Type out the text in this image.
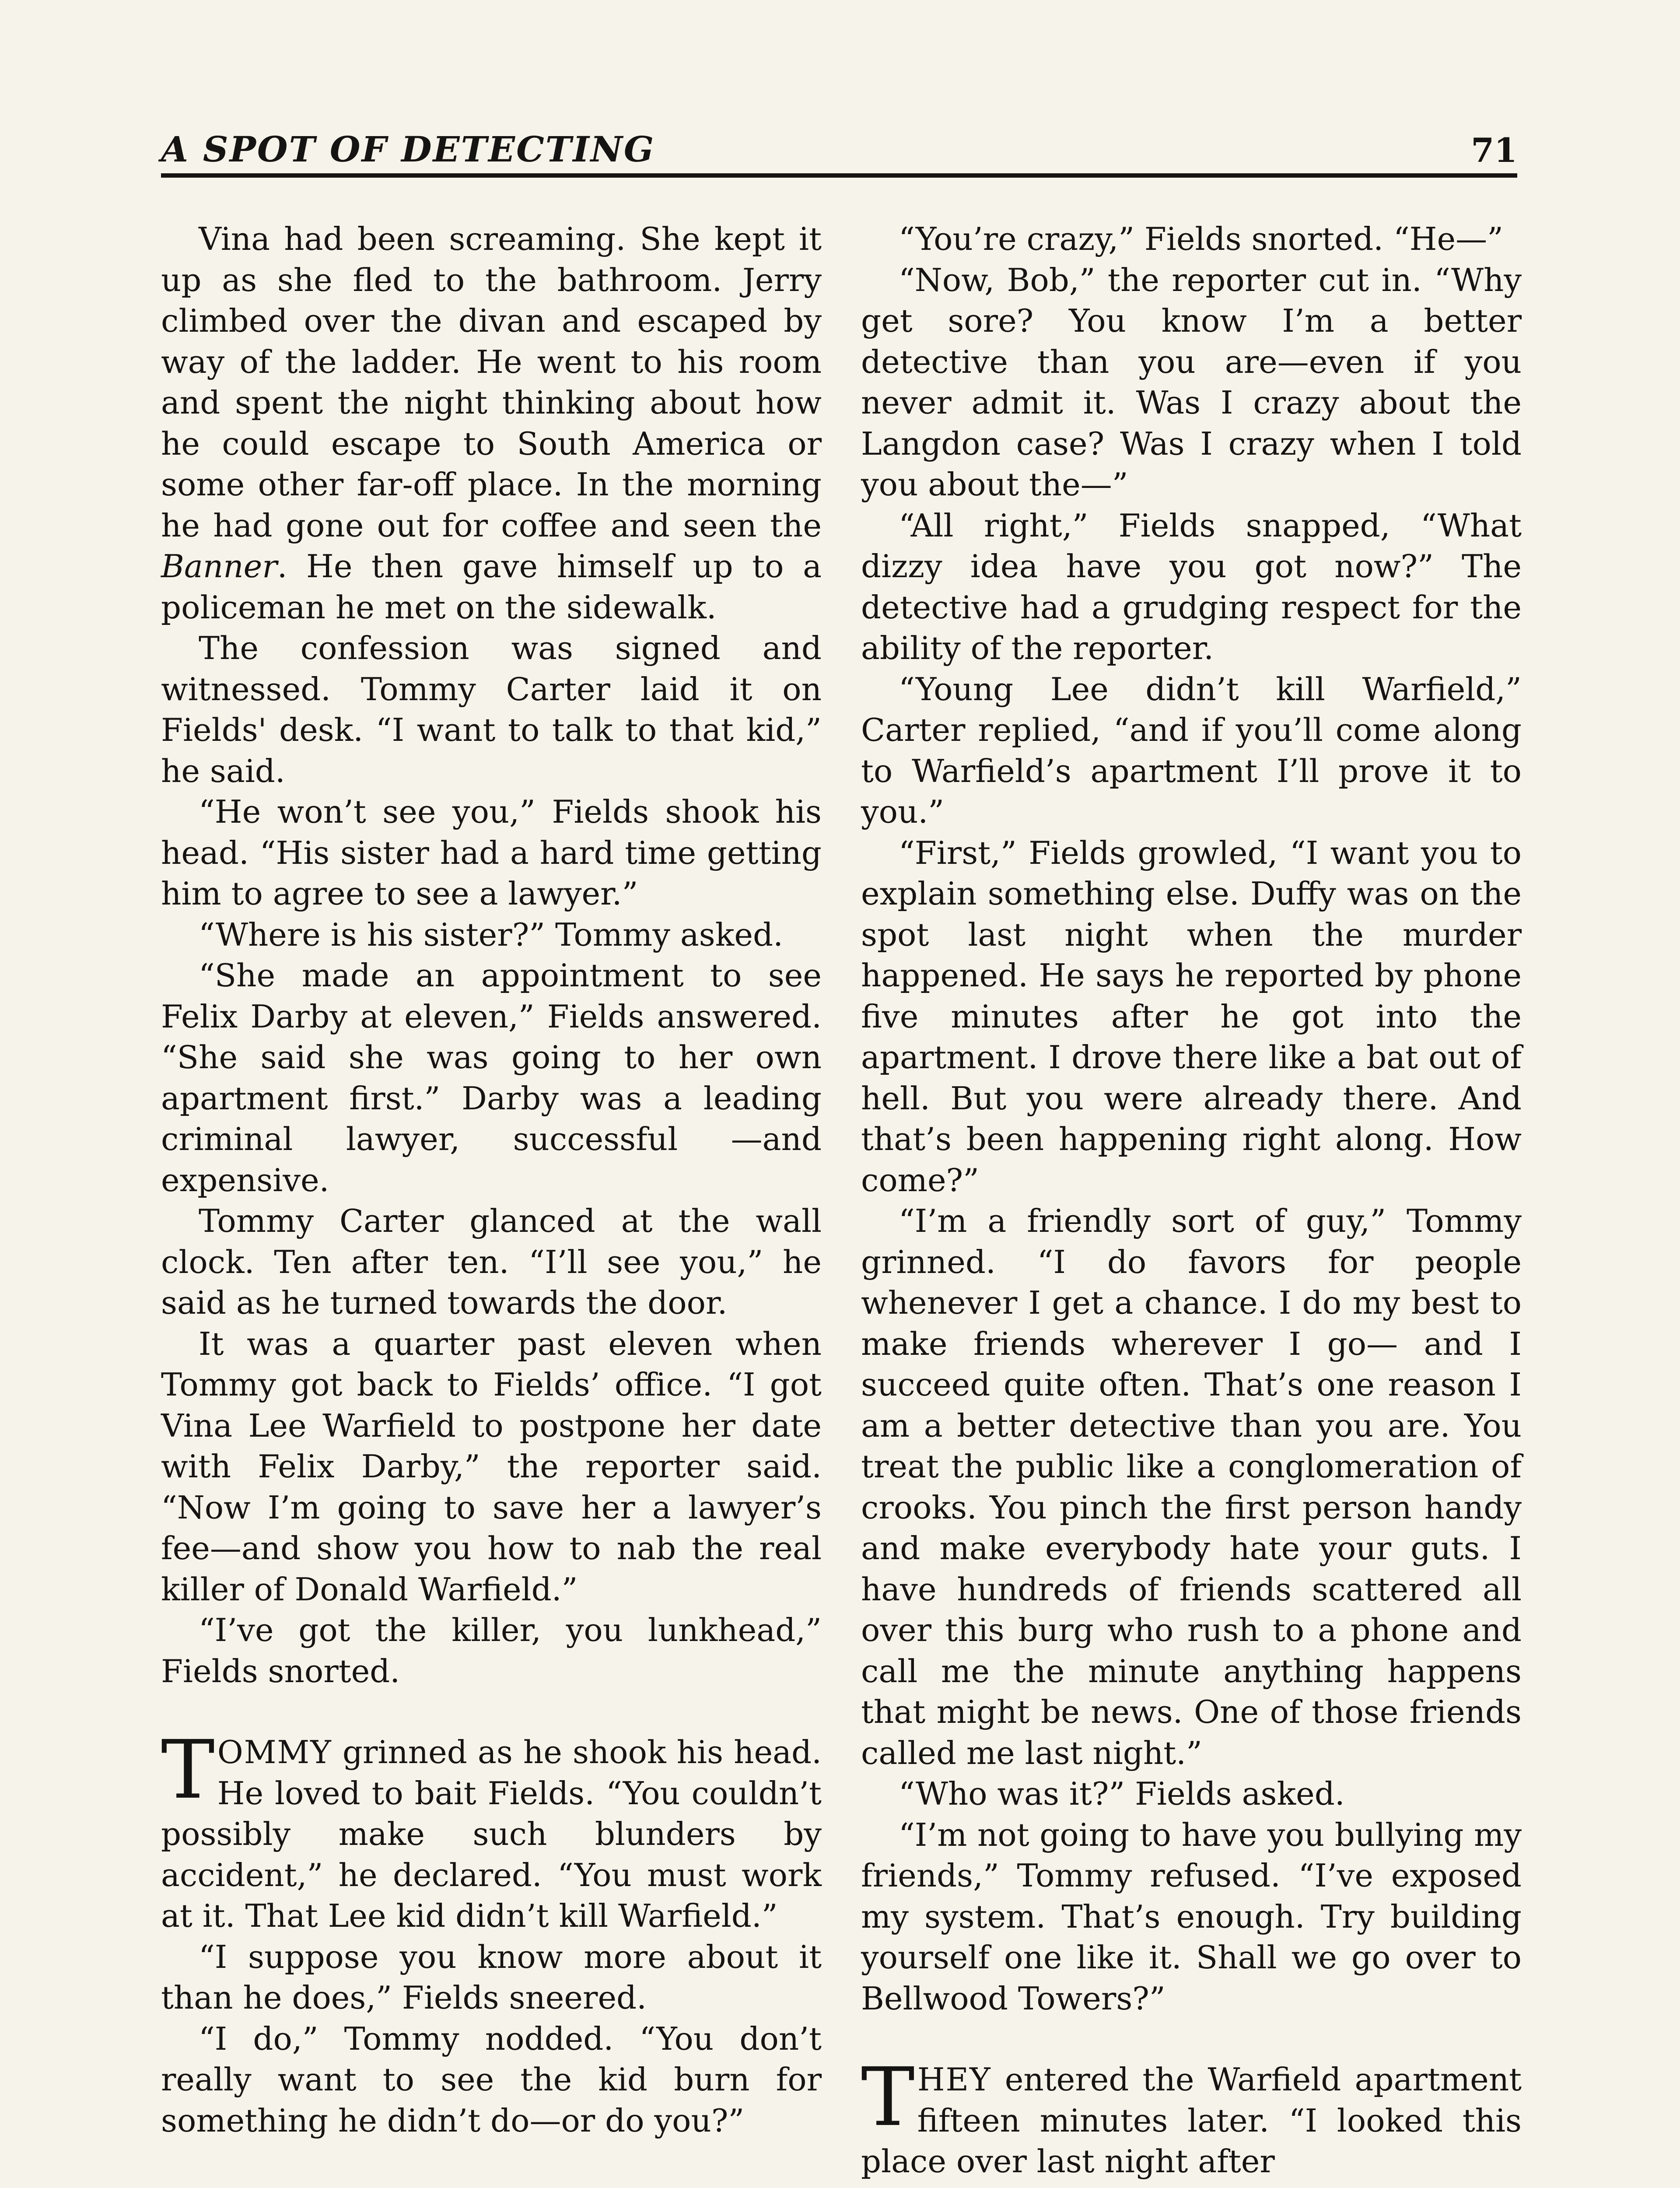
A SPOT OF DETECTING	71

Vina had been screaming. She kept it up as she fled to the bathroom. Jerry climbed over the divan and escaped by way of the ladder. He went to his room and spent the night thinking about how he could escape to South America or some other far-off place. In the morning he had gone out for coffee and seen the Banner. He then gave himself up to a policeman he met on the sidewalk.

The confession was signed and witnessed. Tommy Carter laid it on Fields' desk. “I want to talk to that kid,” he said.

“He won’t see you,” Fields shook his head. “His sister had a hard time getting him to agree to see a lawyer.”

“Where is his sister?” Tommy asked.

“She made an appointment to see Felix Darby at eleven,” Fields answered. “She said she was going to her own apartment first.” Darby was a leading criminal lawyer, successful —and expensive.

Tommy Carter glanced at the wall clock. Ten after ten. “I’ll see you,” he said as he turned towards the door.

It was a quarter past eleven when Tommy got back to Fields’ office. “I got Vina Lee Warfield to postpone her date with Felix Darby,” the reporter said. “Now I’m going to save her a lawyer’s fee—and show you how to nab the real killer of Donald Warfield.”

“I’ve got the killer, you lunkhead,” Fields snorted.

TOMMY grinned as he shook his head. He loved to bait Fields. “You couldn’t possibly make such blunders by accident,” he declared. “You must work at it. That Lee kid didn’t kill Warfield.”

“I suppose you know more about it than he does,” Fields sneered.

“I do,” Tommy nodded. “You don’t really want to see the kid burn for something he didn’t do—or do you?”

“You’re crazy,” Fields snorted. “He—”

“Now, Bob,” the reporter cut in. “Why get sore? You know I’m a better detective than you are—even if you never admit it. Was I crazy about the Langdon case? Was I crazy when I told you about the—”

“All right,” Fields snapped, “What dizzy idea have you got now?” The detective had a grudging respect for the ability of the reporter.

“Young Lee didn’t kill Warfield,” Carter replied, “and if you’ll come along to Warfield’s apartment I’ll prove it to you.”

“First,” Fields growled, “I want you to explain something else. Duffy was on the spot last night when the murder happened. He says he reported by phone five minutes after he got into the apartment. I drove there like a bat out of hell. But you were already there. And that’s been happening right along. How come?”

“I’m a friendly sort of guy,” Tommy grinned. “I do favors for people whenever I get a chance. I do my best to make friends wherever I go— and I succeed quite often. That’s one reason I am a better detective than you are. You treat the public like a conglomeration of crooks. You pinch the first person handy and make everybody hate your guts. I have hundreds of friends scattered all over this burg who rush to a phone and call me the minute anything happens that might be news. One of those friends called me last night.”

“Who was it?” Fields asked.

“I’m not going to have you bullying my friends,” Tommy refused. “I’ve exposed my system. That’s enough. Try building yourself one like it. Shall we go over to Bellwood Towers?”

THEY entered the Warfield apartment fifteen minutes later. “I looked this place over last night after
